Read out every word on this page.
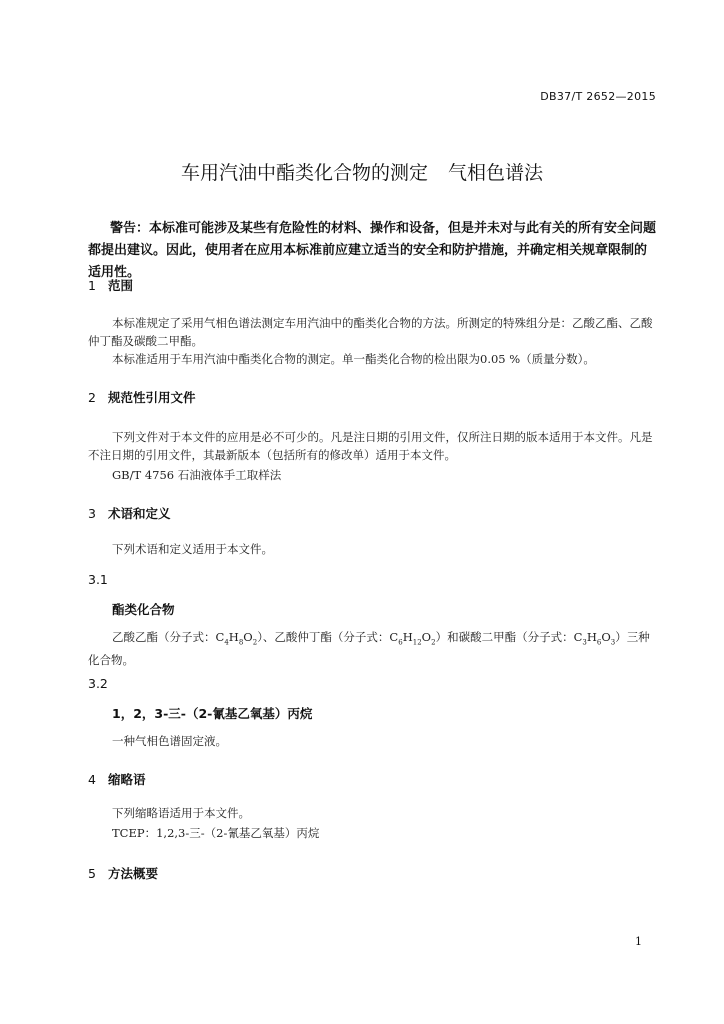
DB37/T 2652—2015
车用汽油中酯类化合物的测定 气相色谱法
警告：本标准可能涉及某些有危险性的材料、操作和设备，但是并未对与此有关的所有安全问题都提出建议。因此，使用者在应用本标准前应建立适当的安全和防护措施，并确定相关规章限制的适用性。
1 范围
本标准规定了采用气相色谱法测定车用汽油中的酯类化合物的方法。所测定的特殊组分是：乙酸乙酯、乙酸仲丁酯及碳酸二甲酯。
本标准适用于车用汽油中酯类化合物的测定。单一酯类化合物的检出限为0.05 %（质量分数）。
2 规范性引用文件
下列文件对于本文件的应用是必不可少的。凡是注日期的引用文件，仅所注日期的版本适用于本文件。凡是不注日期的引用文件，其最新版本（包括所有的修改单）适用于本文件。
GB/T 4756 石油液体手工取样法
3 术语和定义
下列术语和定义适用于本文件。
3.1
酯类化合物
乙酸乙酯（分子式：$C_4H_8O_2$）、乙酸仲丁酯（分子式：$C_6H_{12}O_2$）和碳酸二甲酯（分子式：$C_3H_6O_3$）三种化合物。
3.2
1，2，3-三-（2-氰基乙氧基）丙烷
一种气相色谱固定液。
4 缩略语
下列缩略语适用于本文件。
TCEP：1,2,3-三-（2-氰基乙氧基）丙烷
5 方法概要
1
